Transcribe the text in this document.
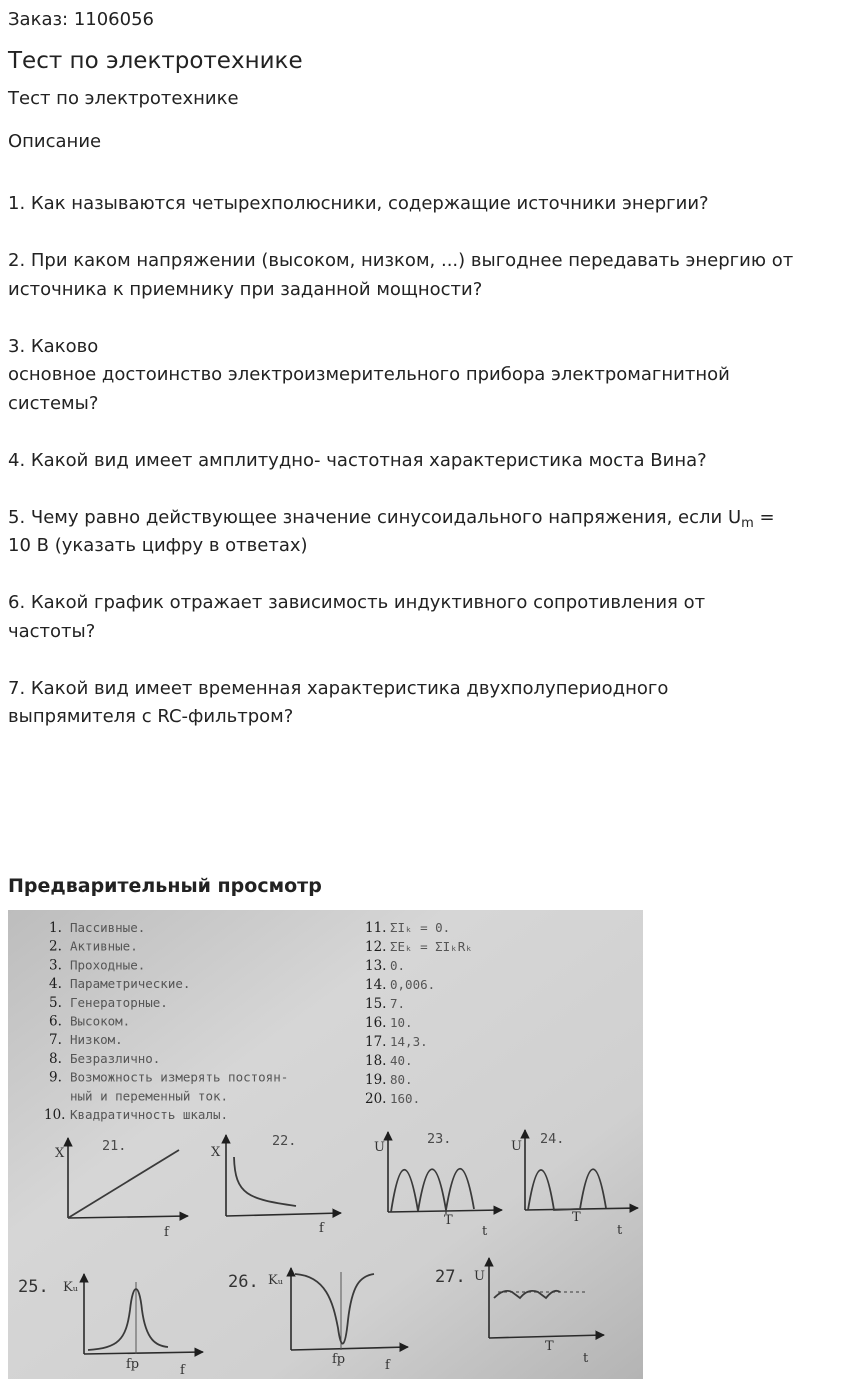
Заказ: 1106056
Тест по электротехнике
Тест по электротехнике
Описание
1. Как называются четырехполюсники, содержащие источники энергии?
2. При каком напряжении (высоком, низком, ...) выгоднее передавать энергию от
источника к приемнику при заданной мощности?
3. Каково
основное достоинство электроизмерительного прибора электромагнитной
системы?
4. Какой вид имеет амплитудно- частотная характеристика моста Вина?
5. Чему равно действующее значение синусоидального напряжения, если $U_m$ =
10 В (указать цифру в ответах)
6. Какой график отражает зависимость индуктивного сопротивления от
частоты?
7. Какой вид имеет временная характеристика двухполупериодного
выпрямителя с RC-фильтром?
Предварительный просмотр
1. Пассивные.
2. Активные.
3. Проходные.
4. Параметрические.
5. Генераторные.
6. Высоком.
7. Низком.
8. Безразлично.
9. Возможность измерять постоян-
ный и переменный ток.
10. Квадратичность шкалы.
11. ΣIₖ = 0.
12. ΣEₖ = ΣIₖRₖ
13. 0.
14. 0,006.
15. 7.
16. 10.
17. 14,3.
18. 40.
19. 80.
20. 160.
21.
X
f
22.
X
f
23.
U
T
t
24.
U
T
t
25. Kᵤ
fp	f
26. Kᵤ
fp	f
27. U
T
t
